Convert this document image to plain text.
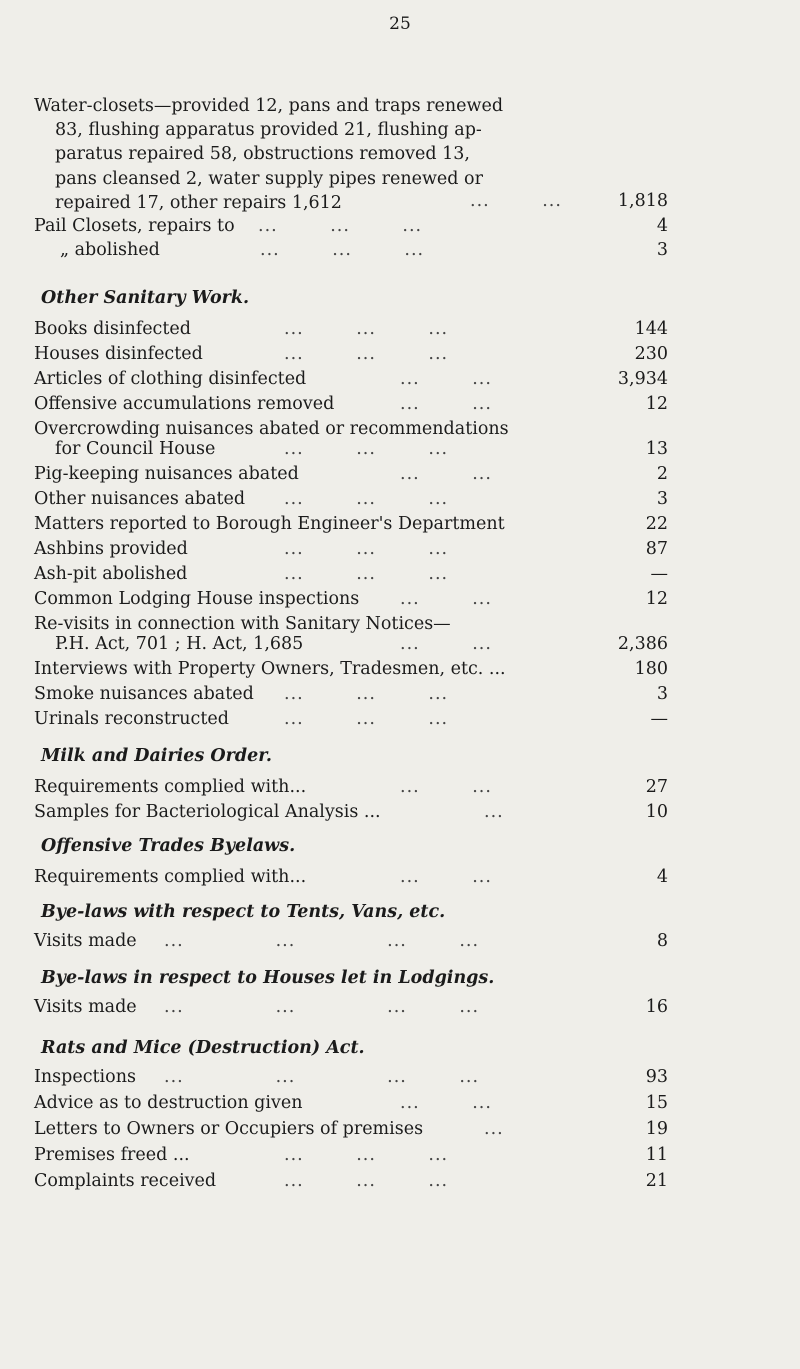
25
Water-closets—provided 12, pans and traps renewed
83, flushing apparatus provided 21, flushing ap-
paratus repaired 58, obstructions removed 13,
pans cleansed 2, water supply pipes renewed or
repaired 17, other repairs 1,612	...        ...	1,818
Pail Closets, repairs to ...        ...        ...	4
„ abolished	...        ...        ...	3
Other Sanitary Work.
Books disinfected	...        ...        ...	144
Houses disinfected	...        ...        ...	230
Articles of clothing disinfected	...        ...	3,934
Offensive accumulations removed	...        ...	12
Overcrowding nuisances abated or recommendations
for Council House	...        ...        ...	13
Pig-keeping nuisances abated	...        ...	2
Other nuisances abated ...        ...        ...	3
Matters reported to Borough Engineer's Department	22
Ashbins provided	...        ...        ...	87
Ash-pit abolished	...        ...        ...	—
Common Lodging House inspections ...        ...	12
Re-visits in connection with Sanitary Notices—
P.H. Act, 701 ; H. Act, 1,685	...        ...	2,386
Interviews with Property Owners, Tradesmen, etc. ...	180
Smoke nuisances abated ...        ...        ...	3
Urinals reconstructed	...        ...        ...	—
Milk and Dairies Order.
Requirements complied with...	...        ...	27
Samples for Bacteriological Analysis ...	...	10
Offensive Trades Byelaws.
Requirements complied with...	...        ...	4
Bye-laws with respect to Tents, Vans, etc.
Visits made ...              ...              ...        ...	8
Bye-laws in respect to Houses let in Lodgings.
Visits made ...              ...              ...        ...	16
Rats and Mice (Destruction) Act.
Inspections ...              ...              ...        ...	93
Advice as to destruction given	...        ...	15
Letters to Owners or Occupiers of premises	...	19
Premises freed ...	...        ...        ...	11
Complaints received	...        ...        ...	21
